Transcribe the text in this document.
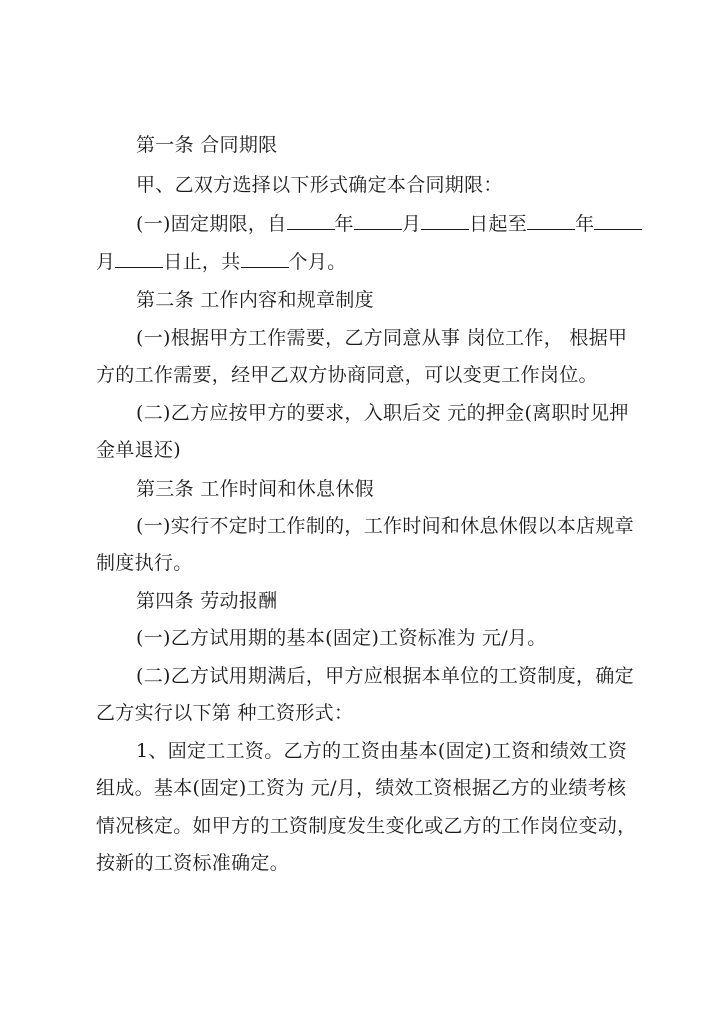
第一条 合同期限
甲、乙双方选择以下形式确定本合同期限：
(一)固定期限，自	年	月	日起至	年
月	日止，共	个月。
第二条 工作内容和规章制度
(一)根据甲方工作需要，乙方同意从事 岗位工作， 根据甲
方的工作需要，经甲乙双方协商同意，可以变更工作岗位。
(二)乙方应按甲方的要求，入职后交 元的押金(离职时见押
金单退还)
第三条 工作时间和休息休假
(一)实行不定时工作制的，工作时间和休息休假以本店规章
制度执行。
第四条 劳动报酬
(一)乙方试用期的基本(固定)工资标准为 元/月。
(二)乙方试用期满后，甲方应根据本单位的工资制度，确定
乙方实行以下第 种工资形式：
1、固定工工资。乙方的工资由基本(固定)工资和绩效工资
组成。基本(固定)工资为 元/月，绩效工资根据乙方的业绩考核
情况核定。如甲方的工资制度发生变化或乙方的工作岗位变动，
按新的工资标准确定。
